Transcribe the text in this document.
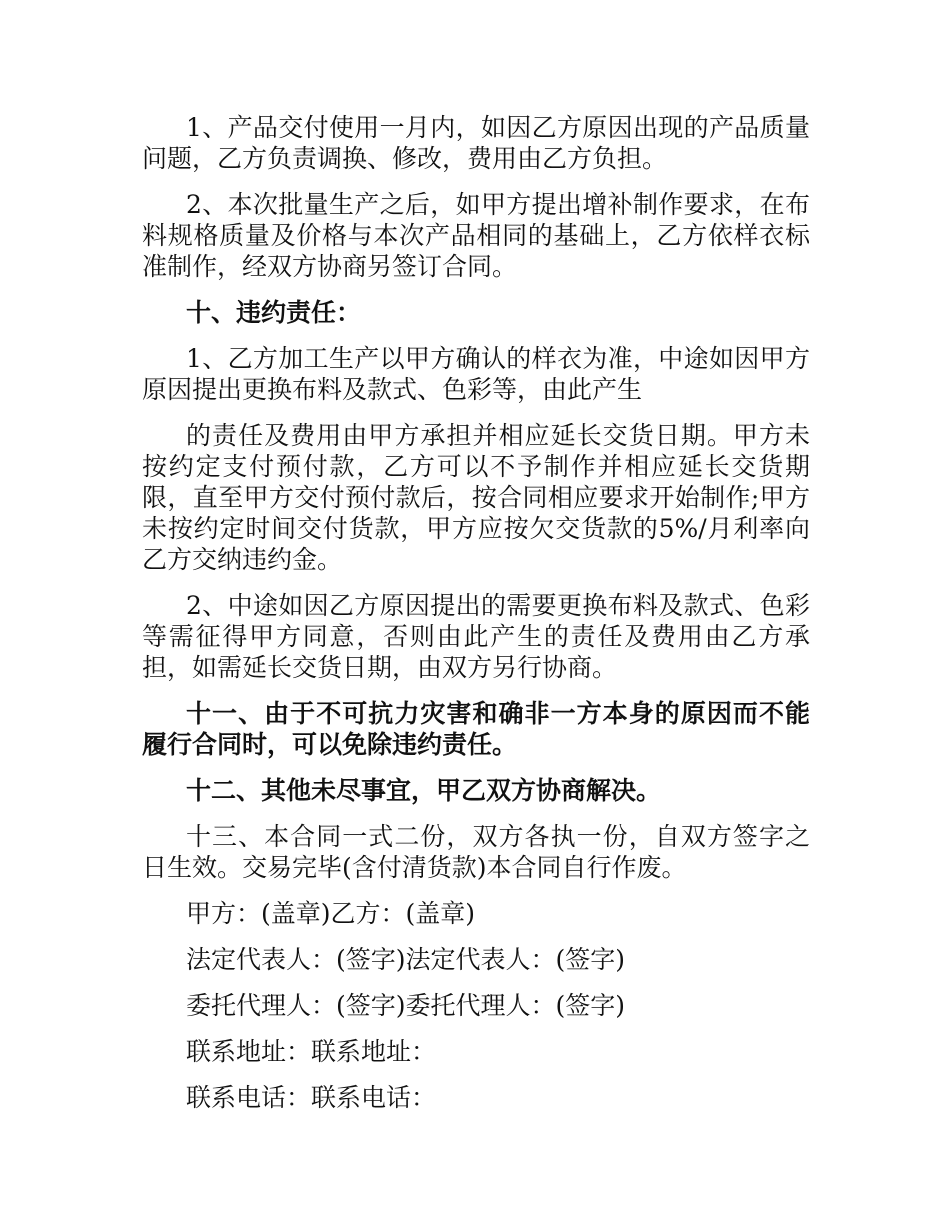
1、产品交付使用一月内，如因乙方原因出现的产品质量问题，乙方负责调换、修改，费用由乙方负担。

2、本次批量生产之后，如甲方提出增补制作要求，在布料规格质量及价格与本次产品相同的基础上，乙方依样衣标准制作，经双方协商另签订合同。

十、违约责任：

1、乙方加工生产以甲方确认的样衣为准，中途如因甲方原因提出更换布料及款式、色彩等，由此产生

的责任及费用由甲方承担并相应延长交货日期。甲方未按约定支付预付款，乙方可以不予制作并相应延长交货期限，直至甲方交付预付款后，按合同相应要求开始制作;甲方未按约定时间交付货款，甲方应按欠交货款的5%/月利率向乙方交纳违约金。

2、中途如因乙方原因提出的需要更换布料及款式、色彩等需征得甲方同意，否则由此产生的责任及费用由乙方承担，如需延长交货日期，由双方另行协商。

十一、由于不可抗力灾害和确非一方本身的原因而不能履行合同时，可以免除违约责任。

十二、其他未尽事宜，甲乙双方协商解决。

十三、本合同一式二份，双方各执一份，自双方签字之日生效。交易完毕(含付清货款)本合同自行作废。

甲方：(盖章)乙方：(盖章)

法定代表人：(签字)法定代表人：(签字)

委托代理人：(签字)委托代理人：(签字)

联系地址：联系地址：

联系电话：联系电话：
